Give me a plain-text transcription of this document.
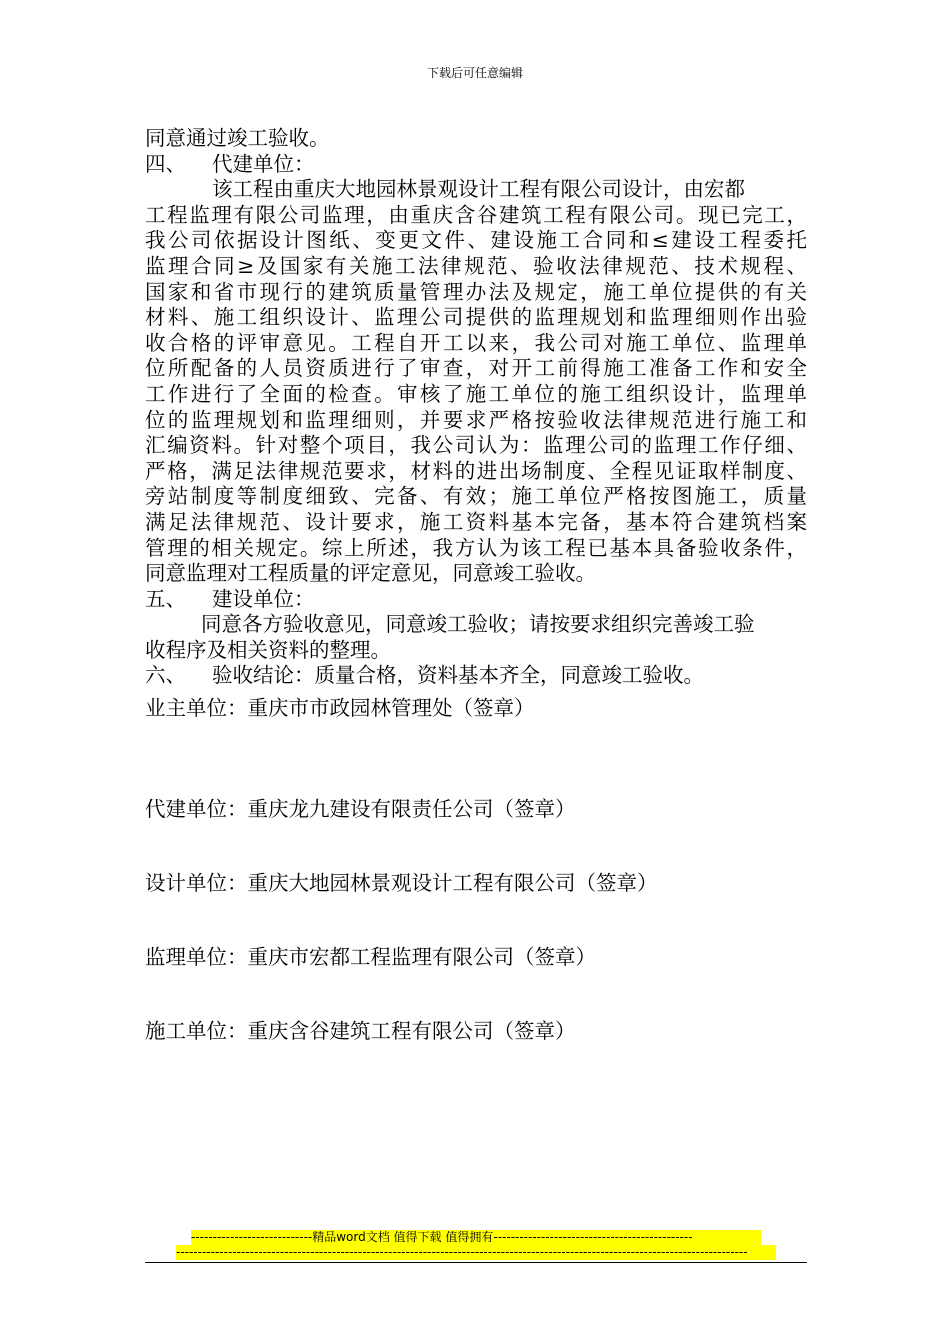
下载后可任意编辑
同意通过竣工验收。
四、 代建单位：
该工程由重庆大地园林景观设计工程有限公司设计，由宏都
工程监理有限公司监理，由重庆含谷建筑工程有限公司。现已完工，
我公司依据设计图纸、变更文件、建设施工合同和≤建设工程委托
监理合同≥及国家有关施工法律规范、验收法律规范、技术规程、
国家和省市现行的建筑质量管理办法及规定，施工单位提供的有关
材料、施工组织设计、监理公司提供的监理规划和监理细则作出验
收合格的评审意见。工程自开工以来，我公司对施工单位、监理单
位所配备的人员资质进行了审查，对开工前得施工准备工作和安全
工作进行了全面的检查。审核了施工单位的施工组织设计，监理单
位的监理规划和监理细则，并要求严格按验收法律规范进行施工和
汇编资料。针对整个项目，我公司认为：监理公司的监理工作仔细、
严格，满足法律规范要求，材料的进出场制度、全程见证取样制度、
旁站制度等制度细致、完备、有效；施工单位严格按图施工，质量
满足法律规范、设计要求，施工资料基本完备，基本符合建筑档案
管理的相关规定。综上所述，我方认为该工程已基本具备验收条件，
同意监理对工程质量的评定意见，同意竣工验收。
五、 建设单位：
同意各方验收意见，同意竣工验收；请按要求组织完善竣工验
收程序及相关资料的整理。
六、 验收结论：质量合格，资料基本齐全，同意竣工验收。
业主单位：重庆市市政园林管理处（签章）
代建单位：重庆龙九建设有限责任公司（签章）
设计单位：重庆大地园林景观设计工程有限公司（签章）
监理单位：重庆市宏都工程监理有限公司（签章）
施工单位：重庆含谷建筑工程有限公司（签章）
----------------------------精品word文档 值得下载 值得拥有----------------------------------------------
------------------------------------------------------------------------------------------------------------------------------------
